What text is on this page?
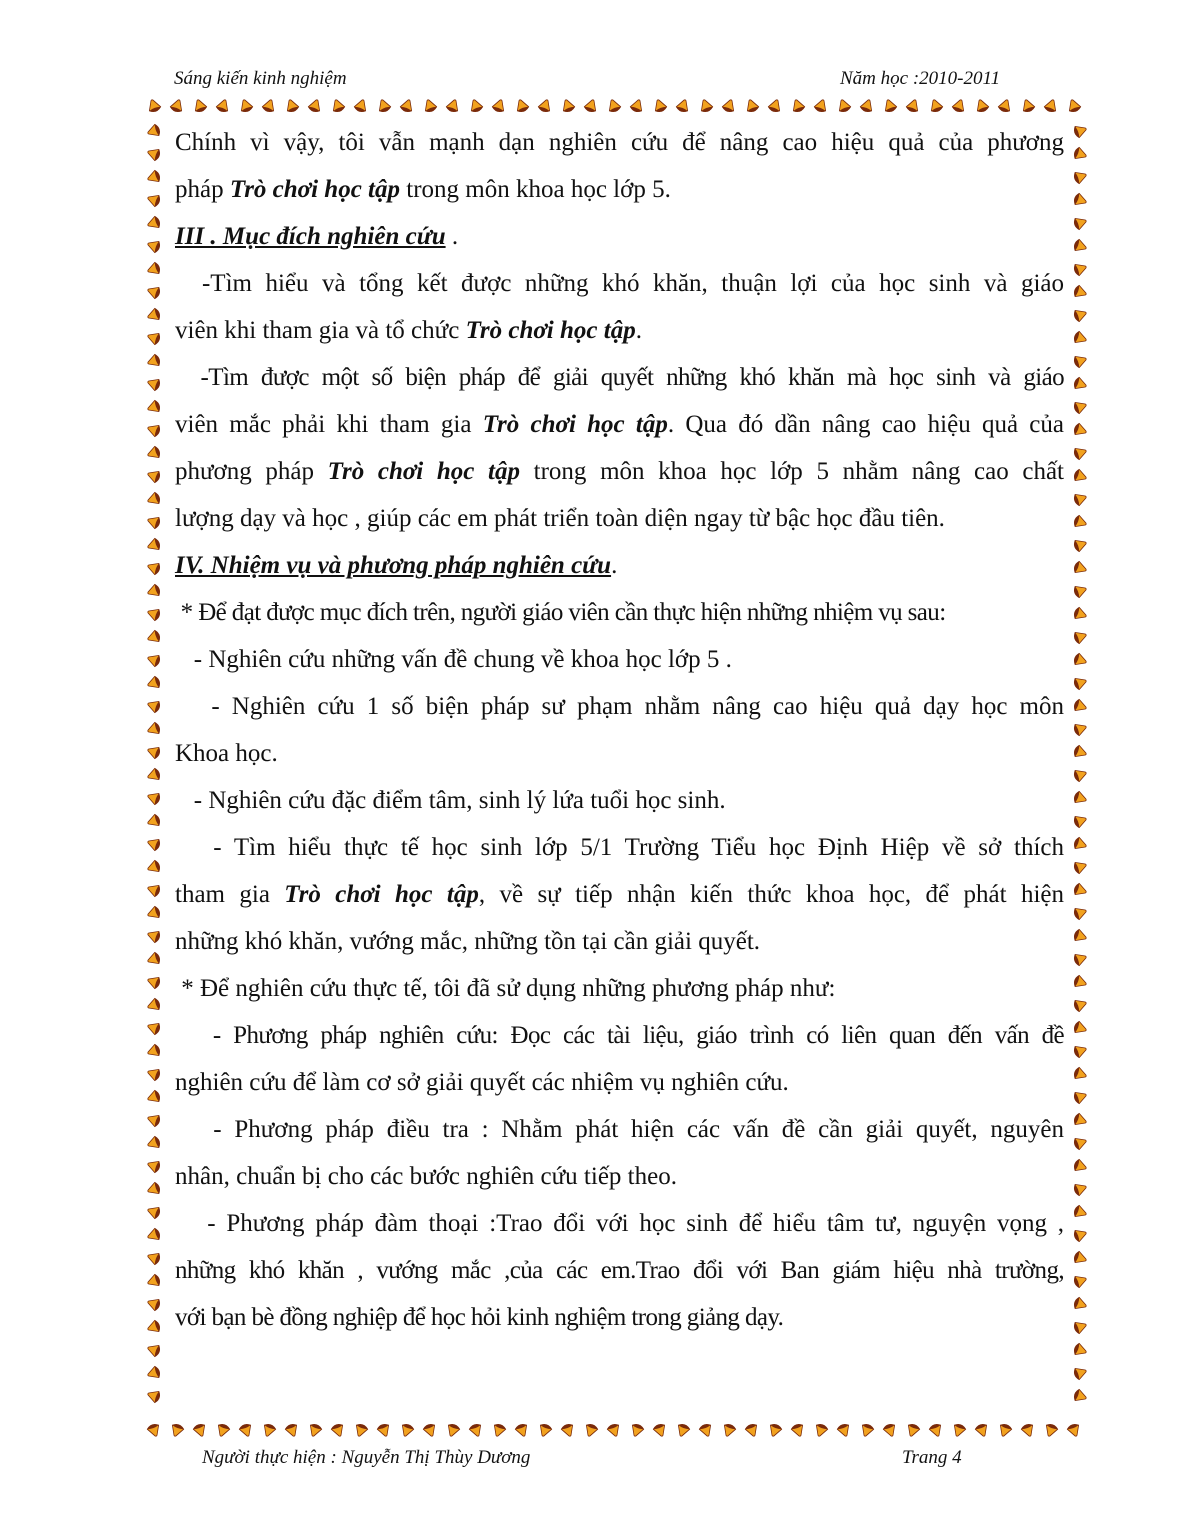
Sáng kiến kinh nghiệm	Năm học :2010-2011
Chính vì vậy, tôi vẫn mạnh dạn nghiên cứu để nâng cao hiệu quả của phương
pháp Trò chơi học tập trong môn khoa học lớp 5.
III . Mục đích nghiên cứu .
-Tìm hiểu và tổng kết được những khó khăn, thuận lợi của học sinh và giáo
viên khi tham gia và tổ chức Trò chơi học tập.
-Tìm được một số biện pháp để giải quyết những khó khăn mà học sinh và giáo
viên mắc phải khi tham gia Trò chơi học tập. Qua đó dần nâng cao hiệu quả của
phương pháp Trò chơi học tập trong môn khoa học lớp 5 nhằm nâng cao chất
lượng dạy và học , giúp các em phát triển toàn diện ngay từ bậc học đầu tiên.
IV. Nhiệm vụ và phương pháp nghiên cứu.
* Để đạt được mục đích trên, người giáo viên cần thực hiện những nhiệm vụ sau:
- Nghiên cứu những vấn đề chung về khoa học lớp 5 .
- Nghiên cứu 1 số biện pháp sư phạm nhằm nâng cao hiệu quả dạy học môn
Khoa học.
- Nghiên cứu đặc điểm tâm, sinh lý lứa tuổi học sinh.
- Tìm hiểu thực tế học sinh lớp 5/1 Trường Tiểu học Định Hiệp về sở thích
tham gia Trò chơi học tập, về sự tiếp nhận kiến thức khoa học, để phát hiện
những khó khăn, vướng mắc, những tồn tại cần giải quyết.
* Để nghiên cứu thực tế, tôi đã sử dụng những phương pháp như:
- Phương pháp nghiên cứu: Đọc các tài liệu, giáo trình có liên quan đến vấn đề
nghiên cứu để làm cơ sở giải quyết các nhiệm vụ nghiên cứu.
- Phương pháp điều tra : Nhằm phát hiện các vấn đề cần giải quyết, nguyên
nhân, chuẩn bị cho các bước nghiên cứu tiếp theo.
- Phương pháp đàm thoại :Trao đổi với học sinh để hiểu tâm tư, nguyện vọng ,
những khó khăn , vướng mắc ,của các em.Trao đổi với Ban giám hiệu nhà trường,
với bạn bè đồng nghiệp để học hỏi kinh nghiệm trong giảng dạy.
Người thực hiện : Nguyễn Thị Thùy Dương	Trang 4
